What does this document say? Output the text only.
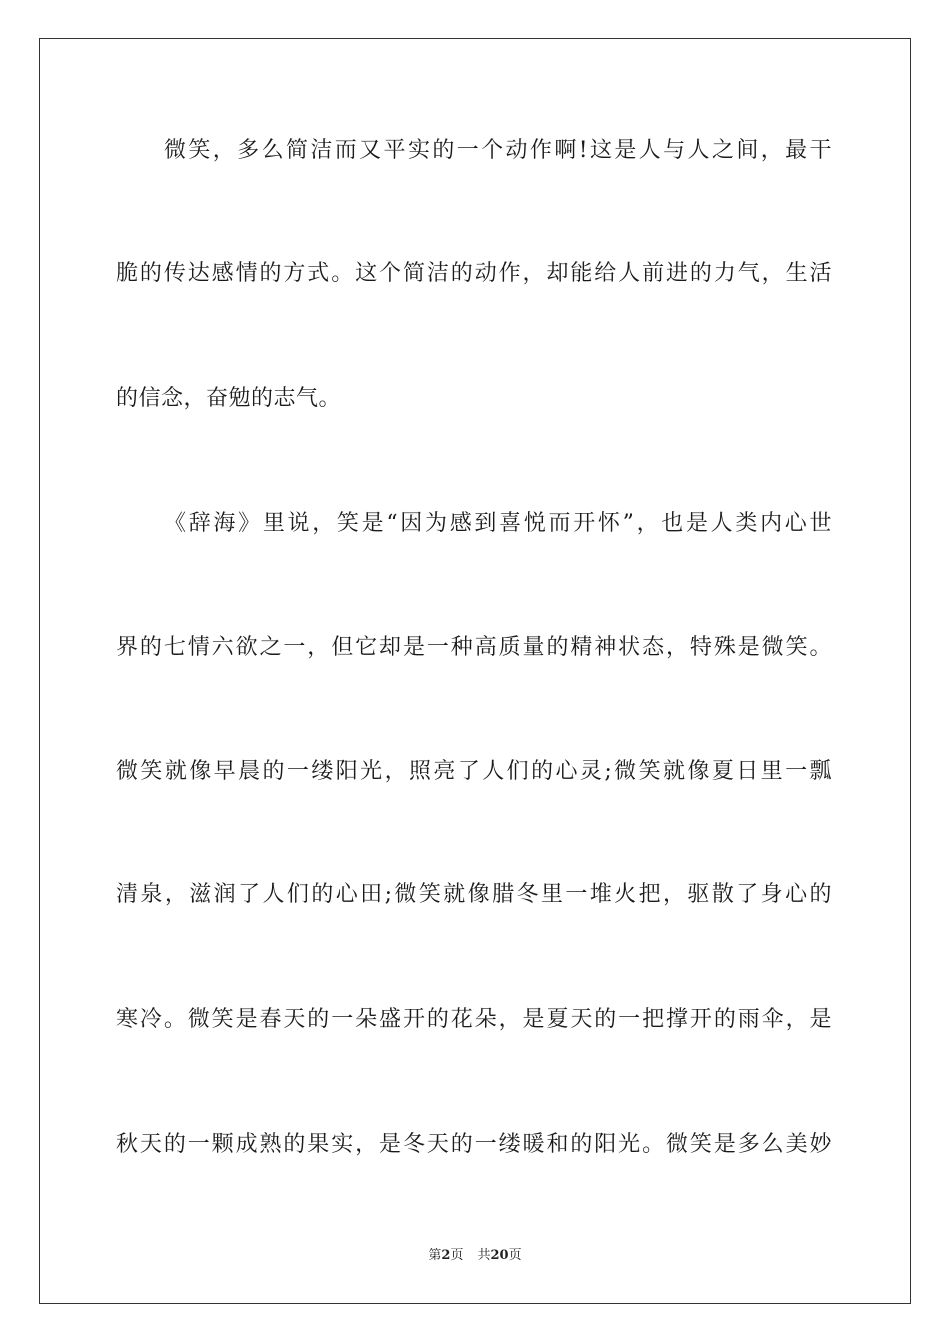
微笑，多么简洁而又平实的一个动作啊!这是人与人之间，最干
脆的传达感情的方式。这个简洁的动作，却能给人前进的力气，生活
的信念，奋勉的志气。
《辞海》里说，笑是“因为感到喜悦而开怀”，也是人类内心世
界的七情六欲之一，但它却是一种高质量的精神状态，特殊是微笑。
微笑就像早晨的一缕阳光，照亮了人们的心灵;微笑就像夏日里一瓢
清泉，滋润了人们的心田;微笑就像腊冬里一堆火把，驱散了身心的
寒冷。微笑是春天的一朵盛开的花朵，是夏天的一把撑开的雨伞，是
秋天的一颗成熟的果实，是冬天的一缕暖和的阳光。微笑是多么美妙
第2页 共20页
